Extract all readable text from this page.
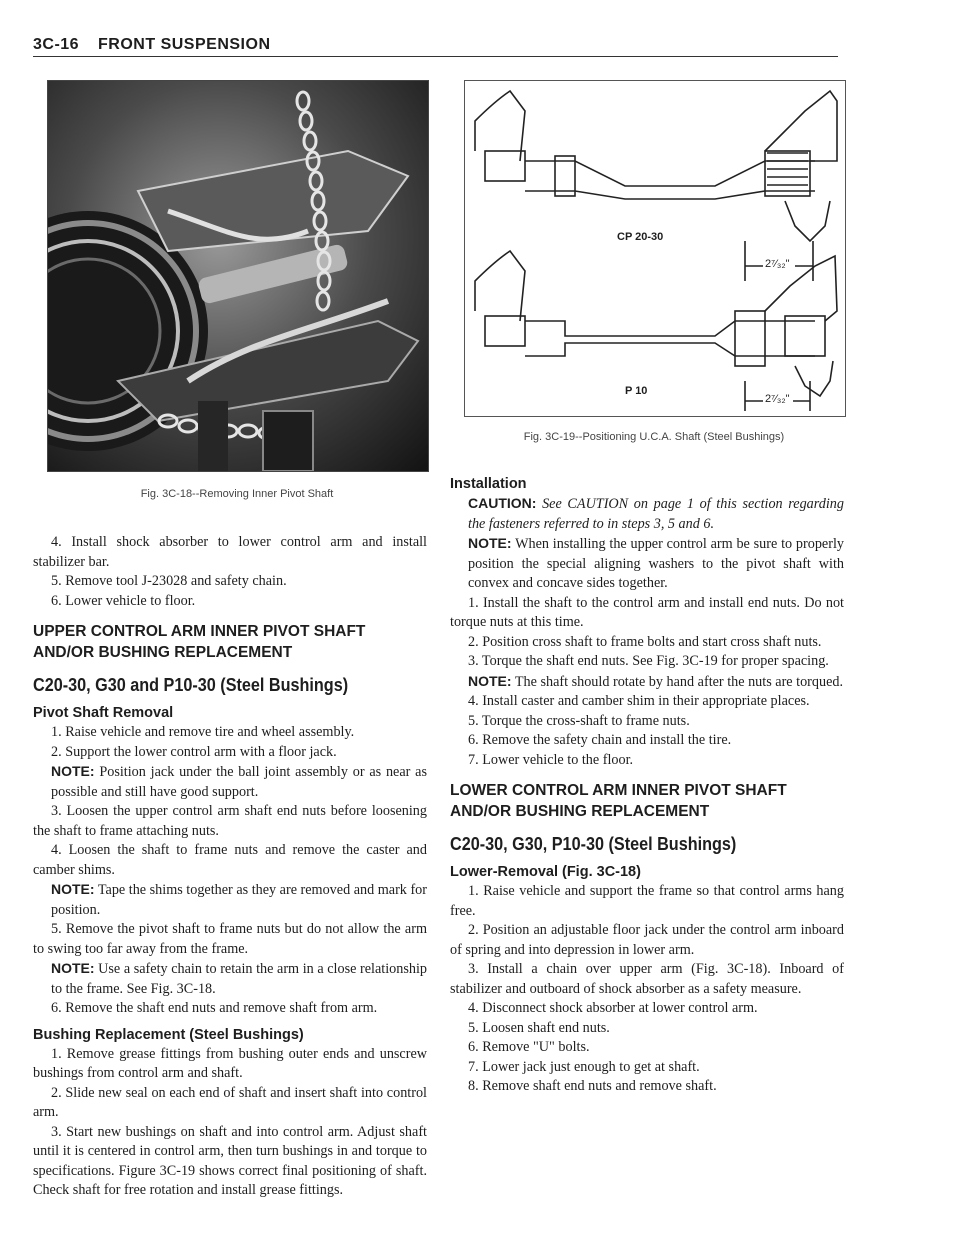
3C-16 FRONT SUSPENSION
Fig. 3C-18--Removing Inner Pivot Shaft
CP 20-30
P 10
2⁷⁄₃₂"
2⁷⁄₃₂"
Fig. 3C-19--Positioning U.C.A. Shaft (Steel Bushings)

4. Install shock absorber to lower control arm and install stabilizer bar.

5. Remove tool J-23028 and safety chain.

6. Lower vehicle to floor.

UPPER CONTROL ARM INNER PIVOT SHAFT AND/OR BUSHING REPLACEMENT

C20-30, G30 and P10-30 (Steel Bushings)

Pivot Shaft Removal

1. Raise vehicle and remove tire and wheel assembly.

2. Support the lower control arm with a floor jack.

NOTE: Position jack under the ball joint assembly or as near as possible and still have good support.

3. Loosen the upper control arm shaft end nuts before loosening the shaft to frame attaching nuts.

4. Loosen the shaft to frame nuts and remove the caster and camber shims.

NOTE: Tape the shims together as they are removed and mark for position.

5. Remove the pivot shaft to frame nuts but do not allow the arm to swing too far away from the frame.

NOTE: Use a safety chain to retain the arm in a close relationship to the frame. See Fig. 3C-18.

6. Remove the shaft end nuts and remove shaft from arm.

Bushing Replacement (Steel Bushings)

1. Remove grease fittings from bushing outer ends and unscrew bushings from control arm and shaft.

2. Slide new seal on each end of shaft and insert shaft into control arm.

3. Start new bushings on shaft and into control arm. Adjust shaft until it is centered in control arm, then turn bushings in and torque to specifications. Figure 3C-19 shows correct final positioning of shaft. Check shaft for free rotation and install grease fittings.

Installation

CAUTION: See CAUTION on page 1 of this section regarding the fasteners referred to in steps 3, 5 and 6.

NOTE: When installing the upper control arm be sure to properly position the special aligning washers to the pivot shaft with convex and concave sides together.

1. Install the shaft to the control arm and install end nuts. Do not torque nuts at this time.

2. Position cross shaft to frame bolts and start cross shaft nuts.

3. Torque the shaft end nuts. See Fig. 3C-19 for proper spacing.

NOTE: The shaft should rotate by hand after the nuts are torqued.

4. Install caster and camber shim in their appropriate places.

5. Torque the cross-shaft to frame nuts.

6. Remove the safety chain and install the tire.

7. Lower vehicle to the floor.

LOWER CONTROL ARM INNER PIVOT SHAFT AND/OR BUSHING REPLACEMENT

C20-30, G30, P10-30 (Steel Bushings)

Lower-Removal (Fig. 3C-18)

1. Raise vehicle and support the frame so that control arms hang free.

2. Position an adjustable floor jack under the control arm inboard of spring and into depression in lower arm.

3. Install a chain over upper arm (Fig. 3C-18). Inboard of stabilizer and outboard of shock absorber as a safety measure.

4. Disconnect shock absorber at lower control arm.

5. Loosen shaft end nuts.

6. Remove "U" bolts.

7. Lower jack just enough to get at shaft.

8. Remove shaft end nuts and remove shaft.
